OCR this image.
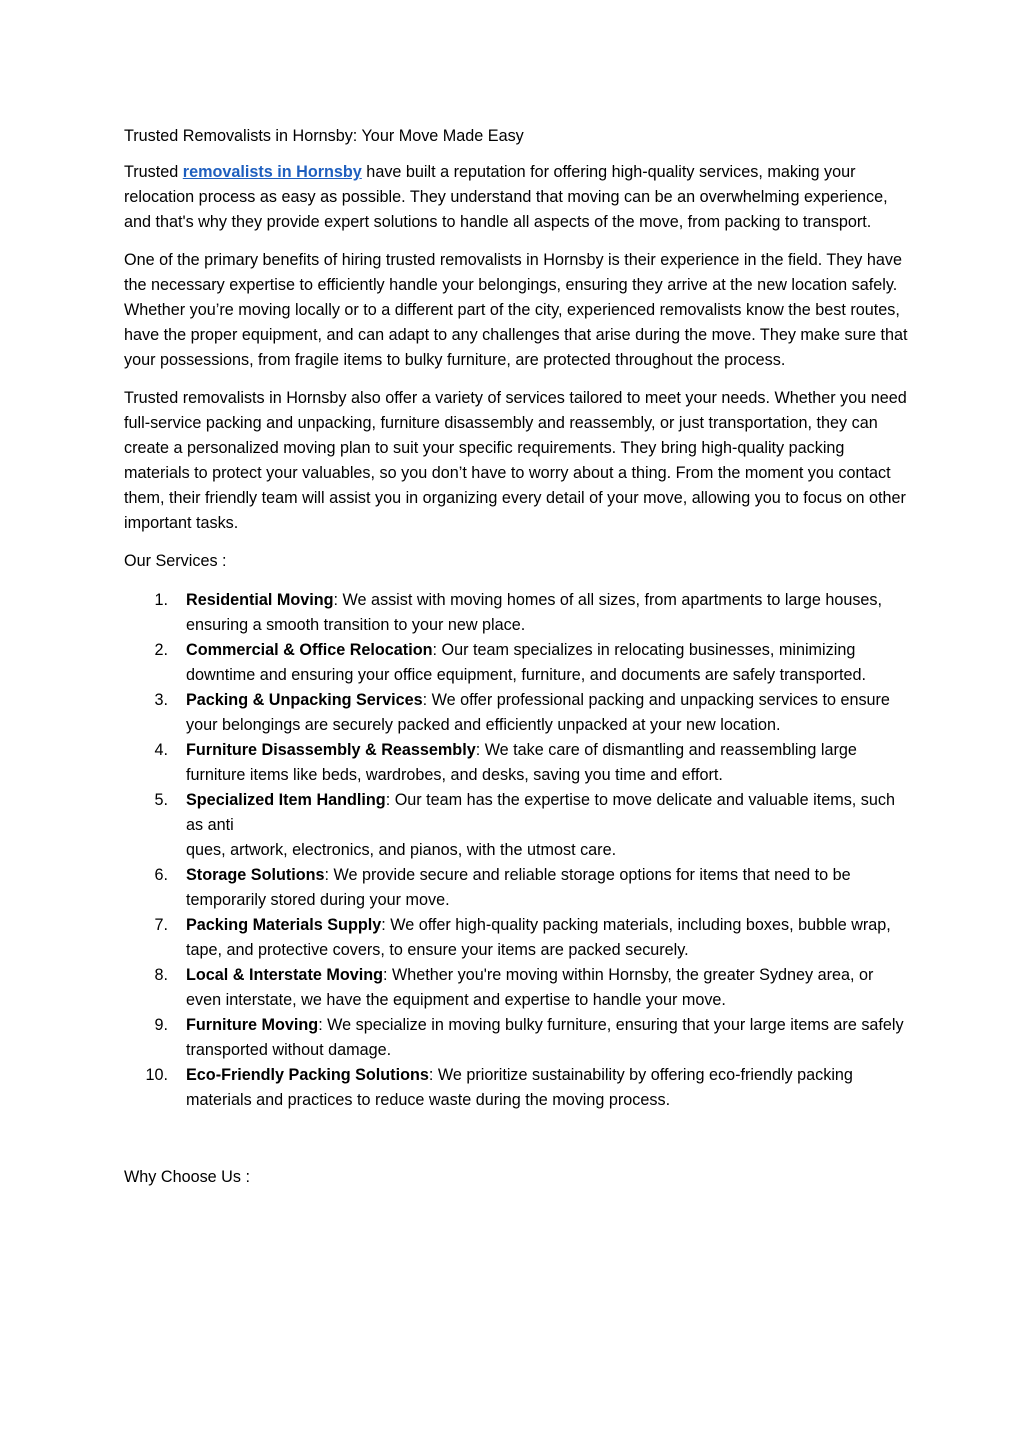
Trusted Removalists in Hornsby: Your Move Made Easy

Trusted removalists in Hornsby have built a reputation for offering high-quality services, making your relocation process as easy as possible. They understand that moving can be an overwhelming experience, and that's why they provide expert solutions to handle all aspects of the move, from packing to transport.

One of the primary benefits of hiring trusted removalists in Hornsby is their experience in the field. They have the necessary expertise to efficiently handle your belongings, ensuring they arrive at the new location safely. Whether you’re moving locally or to a different part of the city, experienced removalists know the best routes, have the proper equipment, and can adapt to any challenges that arise during the move. They make sure that your possessions, from fragile items to bulky furniture, are protected throughout the process.

Trusted removalists in Hornsby also offer a variety of services tailored to meet your needs. Whether you need full-service packing and unpacking, furniture disassembly and reassembly, or just transportation, they can create a personalized moving plan to suit your specific requirements. They bring high-quality packing materials to protect your valuables, so you don’t have to worry about a thing. From the moment you contact them, their friendly team will assist you in organizing every detail of your move, allowing you to focus on other important tasks.

Our Services :
1. Residential Moving: We assist with moving homes of all sizes, from apartments to large houses, ensuring a smooth transition to your new place.
2. Commercial & Office Relocation: Our team specializes in relocating businesses, minimizing downtime and ensuring your office equipment, furniture, and documents are safely transported.
3. Packing & Unpacking Services: We offer professional packing and unpacking services to ensure your belongings are securely packed and efficiently unpacked at your new location.
4. Furniture Disassembly & Reassembly: We take care of dismantling and reassembling large furniture items like beds, wardrobes, and desks, saving you time and effort.
5. Specialized Item Handling: Our team has the expertise to move delicate and valuable items, such as anti
ques, artwork, electronics, and pianos, with the utmost care.
6. Storage Solutions: We provide secure and reliable storage options for items that need to be temporarily stored during your move.
7. Packing Materials Supply: We offer high-quality packing materials, including boxes, bubble wrap, tape, and protective covers, to ensure your items are packed securely.
8. Local & Interstate Moving: Whether you're moving within Hornsby, the greater Sydney area, or even interstate, we have the equipment and expertise to handle your move.
9. Furniture Moving: We specialize in moving bulky furniture, ensuring that your large items are safely transported without damage.
10. Eco-Friendly Packing Solutions: We prioritize sustainability by offering eco-friendly packing materials and practices to reduce waste during the moving process.
Why Choose Us :
